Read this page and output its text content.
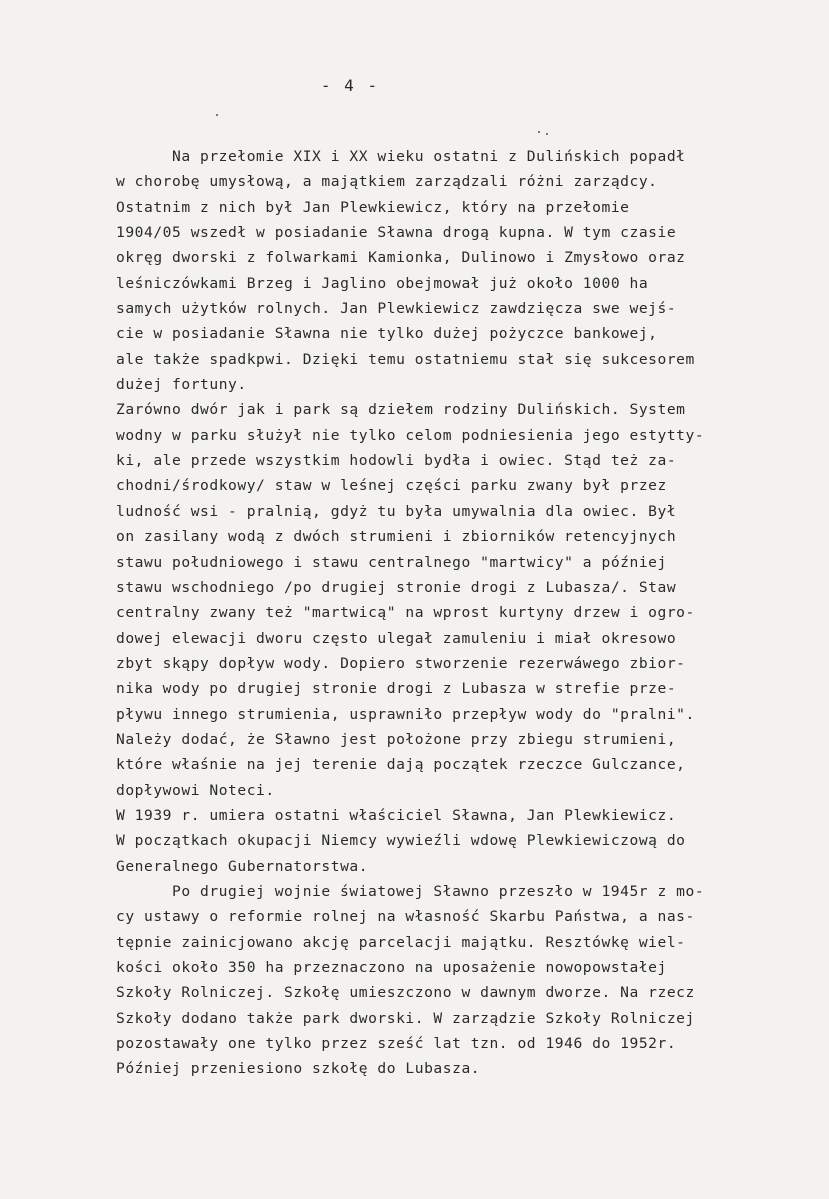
- 4 -
Na przełomie XIX i XX wieku ostatni z Dulińskich popadł
w chorobę umysłową, a majątkiem zarządzali różni zarządcy.
Ostatnim z nich był Jan Plewkiewicz, który na przełomie
1904/05 wszedł w posiadanie Sławna drogą kupna. W tym czasie
okręg dworski z folwarkami Kamionka, Dulinowo i Zmysłowo oraz
leśniczówkami Brzeg i Jaglino obejmował już około 1000 ha
samych użytków rolnych. Jan Plewkiewicz zawdzięcza swe wejś-
cie w posiadanie Sławna nie tylko dużej pożyczce bankowej,
ale także spadkpwi. Dzięki temu ostatniemu stał się sukcesorem
dużej fortuny.
Zarówno dwór jak i park są dziełem rodziny Dulińskich. System
wodny w parku służył nie tylko celom podniesienia jego estytty-
ki, ale przede wszystkim hodowli bydła i owiec. Stąd też za-
chodni/środkowy/ staw w leśnej części parku zwany był przez
ludność wsi - pralnią, gdyż tu była umywalnia dla owiec. Był
on zasilany wodą z dwóch strumieni i zbiorników retencyjnych
stawu południowego i stawu centralnego "martwicy" a później
stawu wschodniego /po drugiej stronie drogi z Lubasza/. Staw
centralny zwany też "martwicą" na wprost kurtyny drzew i ogro-
dowej elewacji dworu często ulegał zamuleniu i miał okresowo
zbyt skąpy dopływ wody. Dopiero stworzenie rezerwáwego zbior-
nika wody po drugiej stronie drogi z Lubasza w strefie prze-
pływu innego strumienia, usprawniło przepływ wody do "pralni".
Należy dodać, że Sławno jest położone przy zbiegu strumieni,
które właśnie na jej terenie dają początek rzeczce Gulczance,
dopływowi Noteci.
W 1939 r. umiera ostatni właściciel Sławna, Jan Plewkiewicz.
W początkach okupacji Niemcy wywieźli wdowę Plewkiewiczową do
Generalnego Gubernatorstwa.
Po drugiej wojnie światowej Sławno przeszło w 1945r z mo-
cy ustawy o reformie rolnej na własność Skarbu Państwa, a nas-
tępnie zainicjowano akcję parcelacji majątku. Resztówkę wiel-
kości około 350 ha przeznaczono na uposażenie nowopowstałej
Szkoły Rolniczej. Szkołę umieszczono w dawnym dworze. Na rzecz
Szkoły dodano także park dworski. W zarządzie Szkoły Rolniczej
pozostawały one tylko przez sześć lat tzn. od 1946 do 1952r.
Później przeniesiono szkołę do Lubasza.
